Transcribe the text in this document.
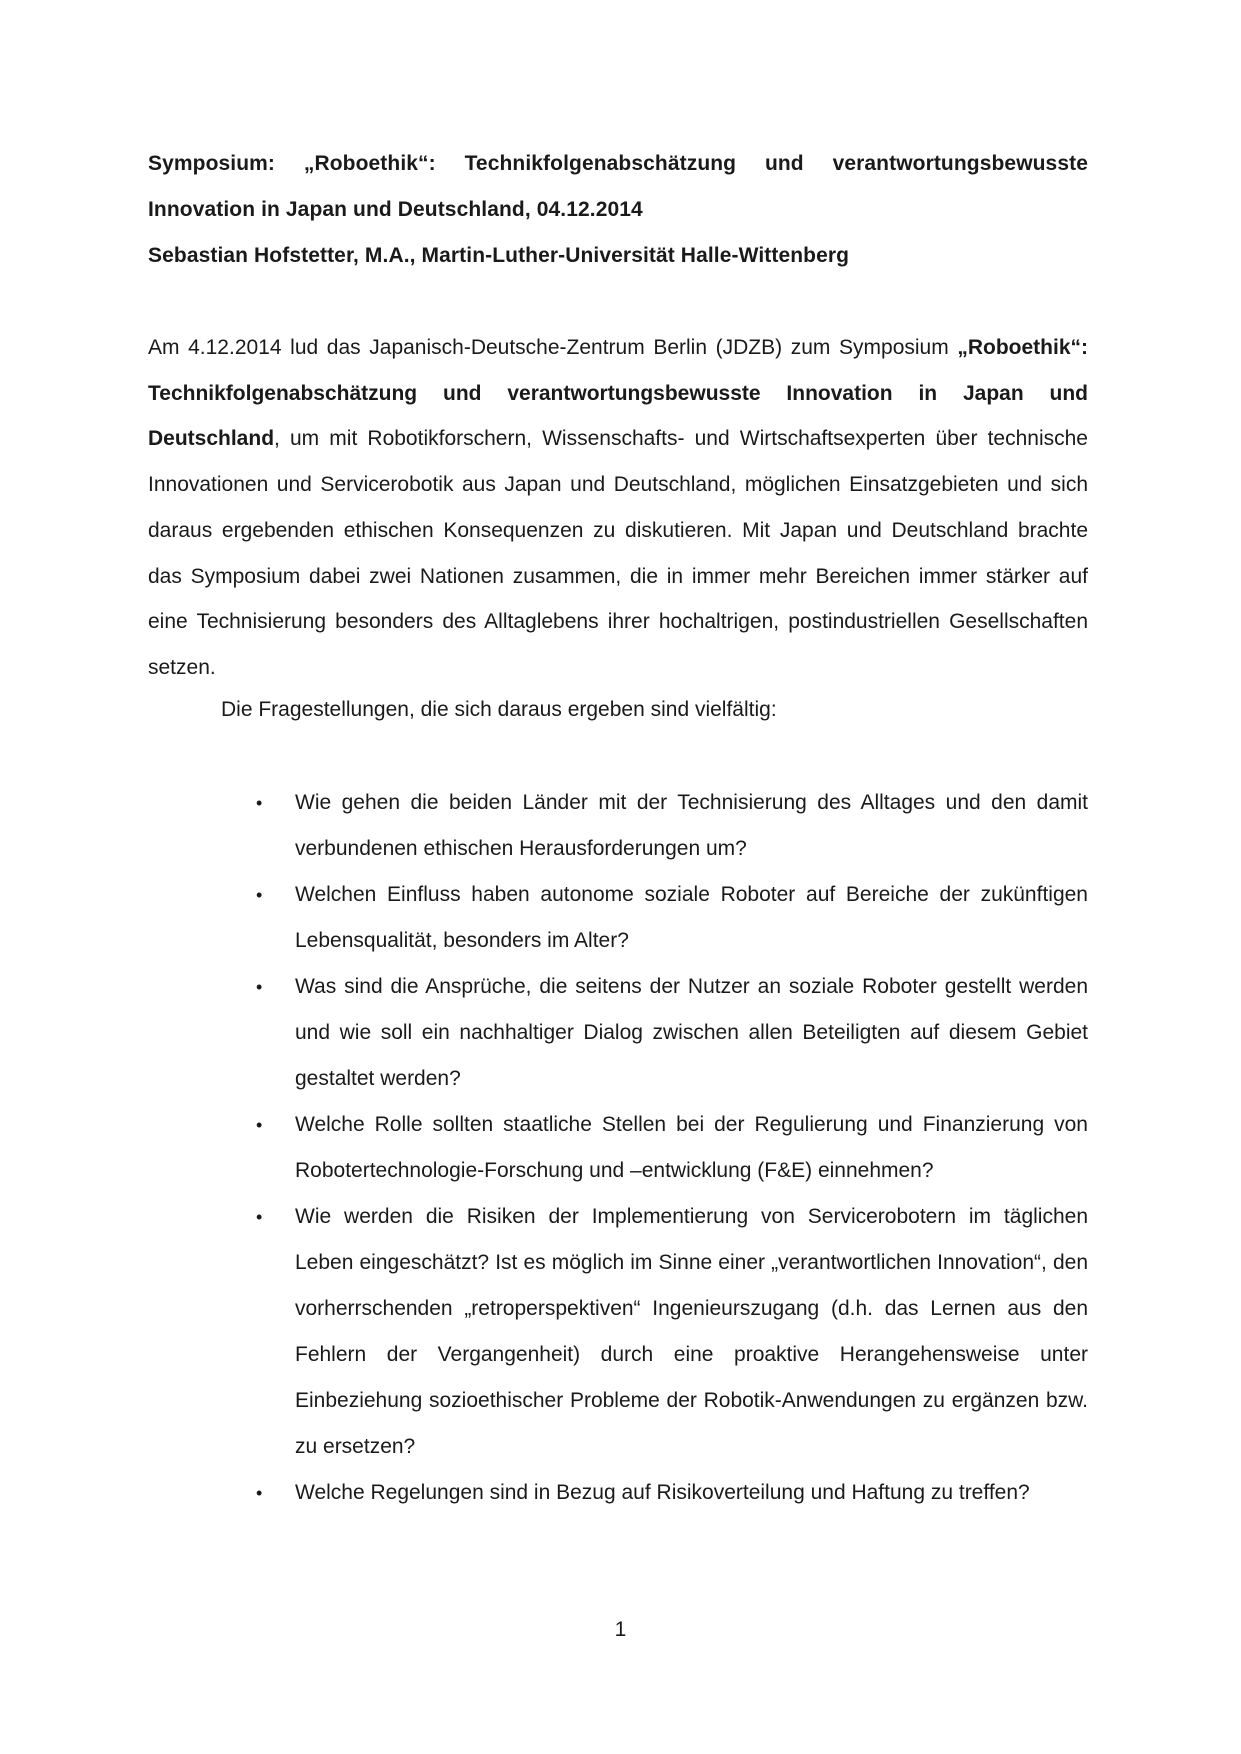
Symposium: „Roboethik“: Technikfolgenabschätzung und verantwortungsbewusste Innovation in Japan und Deutschland, 04.12.2014
Sebastian Hofstetter, M.A., Martin-Luther-Universität Halle-Wittenberg

Am 4.12.2014 lud das Japanisch-Deutsche-Zentrum Berlin (JDZB) zum Symposium „Roboethik“: Technikfolgenabschätzung und verantwortungsbewusste Innovation in Japan und Deutschland, um mit Robotikforschern, Wissenschafts- und Wirtschaftsexperten über technische Innovationen und Servicerobotik aus Japan und Deutschland, möglichen Einsatzgebieten und sich daraus ergebenden ethischen Konsequenzen zu diskutieren. Mit Japan und Deutschland brachte das Symposium dabei zwei Nationen zusammen, die in immer mehr Bereichen immer stärker auf eine Technisierung besonders des Alltaglebens ihrer hochaltrigen, postindustriellen Gesellschaften setzen.

Die Fragestellungen, die sich daraus ergeben sind vielfältig:
• Wie gehen die beiden Länder mit der Technisierung des Alltages und den damit verbundenen ethischen Herausforderungen um?
• Welchen Einfluss haben autonome soziale Roboter auf Bereiche der zukünftigen Lebensqualität, besonders im Alter?
• Was sind die Ansprüche, die seitens der Nutzer an soziale Roboter gestellt werden und wie soll ein nachhaltiger Dialog zwischen allen Beteiligten auf diesem Gebiet gestaltet werden?
• Welche Rolle sollten staatliche Stellen bei der Regulierung und Finanzierung von Robotertechnologie-Forschung und –entwicklung (F&E) einnehmen?
• Wie werden die Risiken der Implementierung von Servicerobotern im täglichen Leben eingeschätzt? Ist es möglich im Sinne einer „verantwortlichen Innovation“, den vorherrschenden „retroperspektiven“ Ingenieurszugang (d.h. das Lernen aus den Fehlern der Vergangenheit) durch eine proaktive Herangehensweise unter Einbeziehung sozioethischer Probleme der Robotik-Anwendungen zu ergänzen bzw. zu ersetzen?
• Welche Regelungen sind in Bezug auf Risikoverteilung und Haftung zu treffen?
1
